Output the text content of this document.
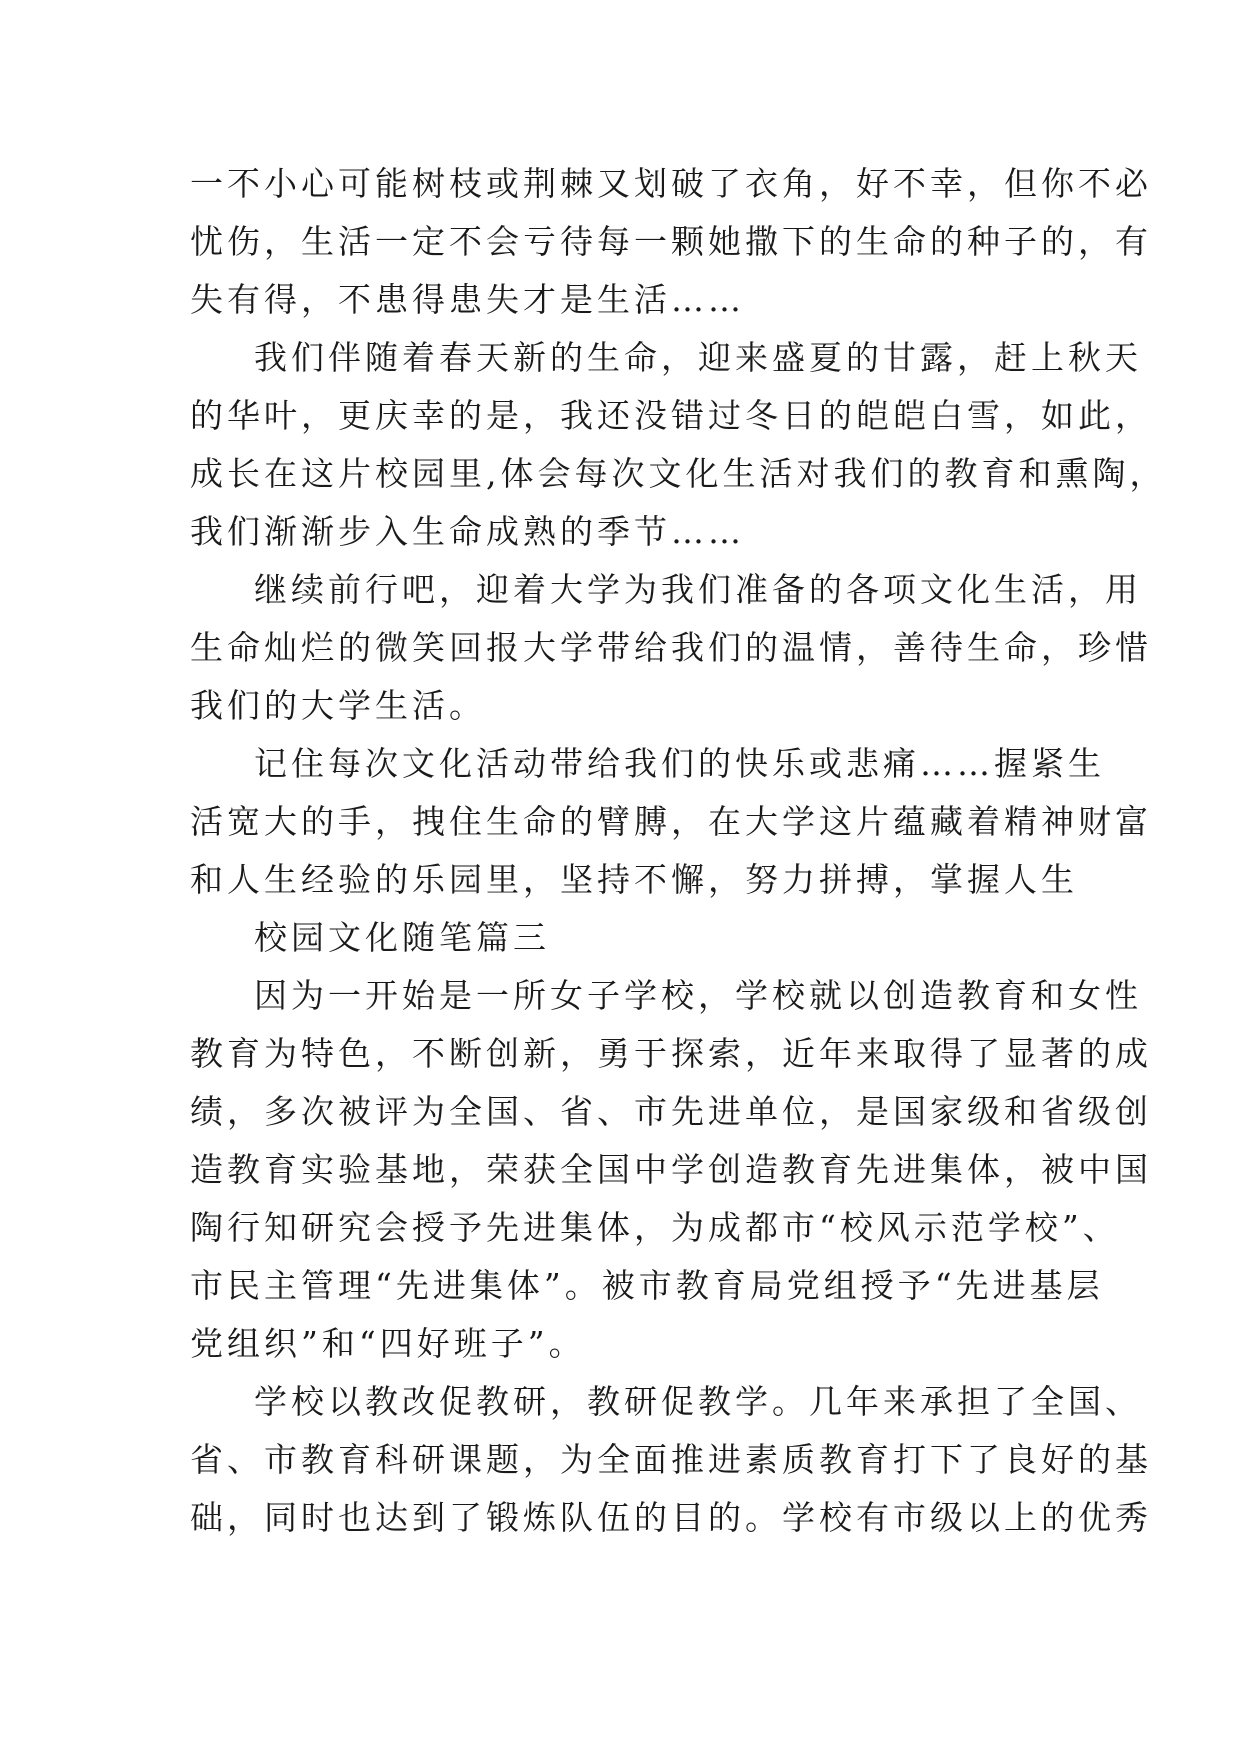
一不小心可能树枝或荆棘又划破了衣角，好不幸，但你不必
忧伤，生活一定不会亏待每一颗她撒下的生命的种子的，有
失有得，不患得患失才是生活……
我们伴随着春天新的生命，迎来盛夏的甘露，赶上秋天
的华叶，更庆幸的是，我还没错过冬日的皑皑白雪，如此，
成长在这片校园里,体会每次文化生活对我们的教育和熏陶，
我们渐渐步入生命成熟的季节……
继续前行吧，迎着大学为我们准备的各项文化生活，用
生命灿烂的微笑回报大学带给我们的温情，善待生命，珍惜
我们的大学生活。
记住每次文化活动带给我们的快乐或悲痛……握紧生
活宽大的手，拽住生命的臂膊，在大学这片蕴藏着精神财富
和人生经验的乐园里，坚持不懈，努力拼搏，掌握人生
校园文化随笔篇三
因为一开始是一所女子学校，学校就以创造教育和女性
教育为特色，不断创新，勇于探索，近年来取得了显著的成
绩，多次被评为全国、省、市先进单位，是国家级和省级创
造教育实验基地，荣获全国中学创造教育先进集体，被中国
陶行知研究会授予先进集体，为成都市“校风示范学校”、
市民主管理“先进集体”。被市教育局党组授予“先进基层
党组织”和“四好班子”。
学校以教改促教研，教研促教学。几年来承担了全国、
省、市教育科研课题，为全面推进素质教育打下了良好的基
础，同时也达到了锻炼队伍的目的。学校有市级以上的优秀
